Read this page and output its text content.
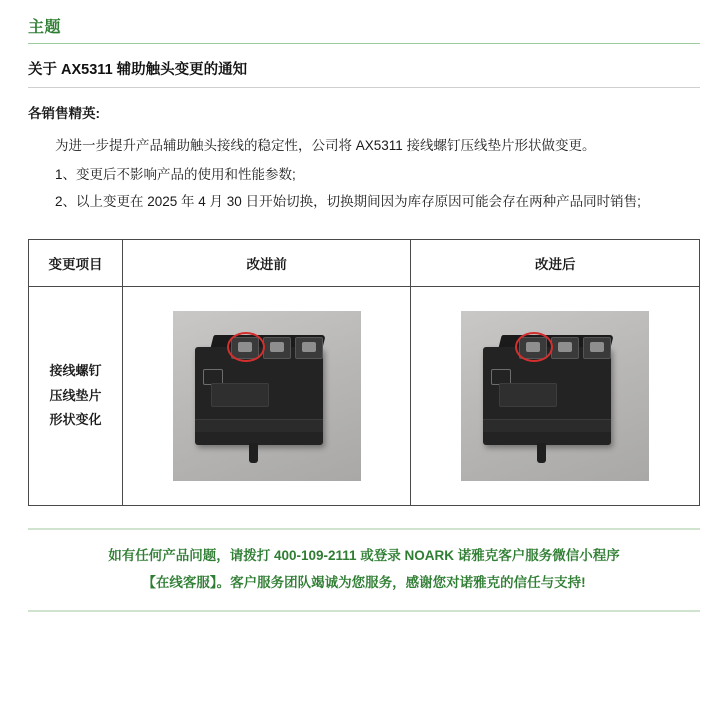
主题
关于 AX5311 辅助触头变更的通知
各销售精英:

为进一步提升产品辅助触头接线的稳定性，公司将 AX5311 接线螺钉压线垫片形状做变更。

1、变更后不影响产品的使用和性能参数;

2、以上变更在 2025 年 4 月 30 日开始切换，切换期间因为库存原因可能会存在两种产品同时销售;

变更项目	改进前	改进后

接线螺钉
压线垫片
形状变化		

如有任何产品问题，请拨打 400-109-2111 或登录 NOARK 诺雅克客户服务微信小程序
【在线客服】。客户服务团队竭诚为您服务，感谢您对诺雅克的信任与支持!
